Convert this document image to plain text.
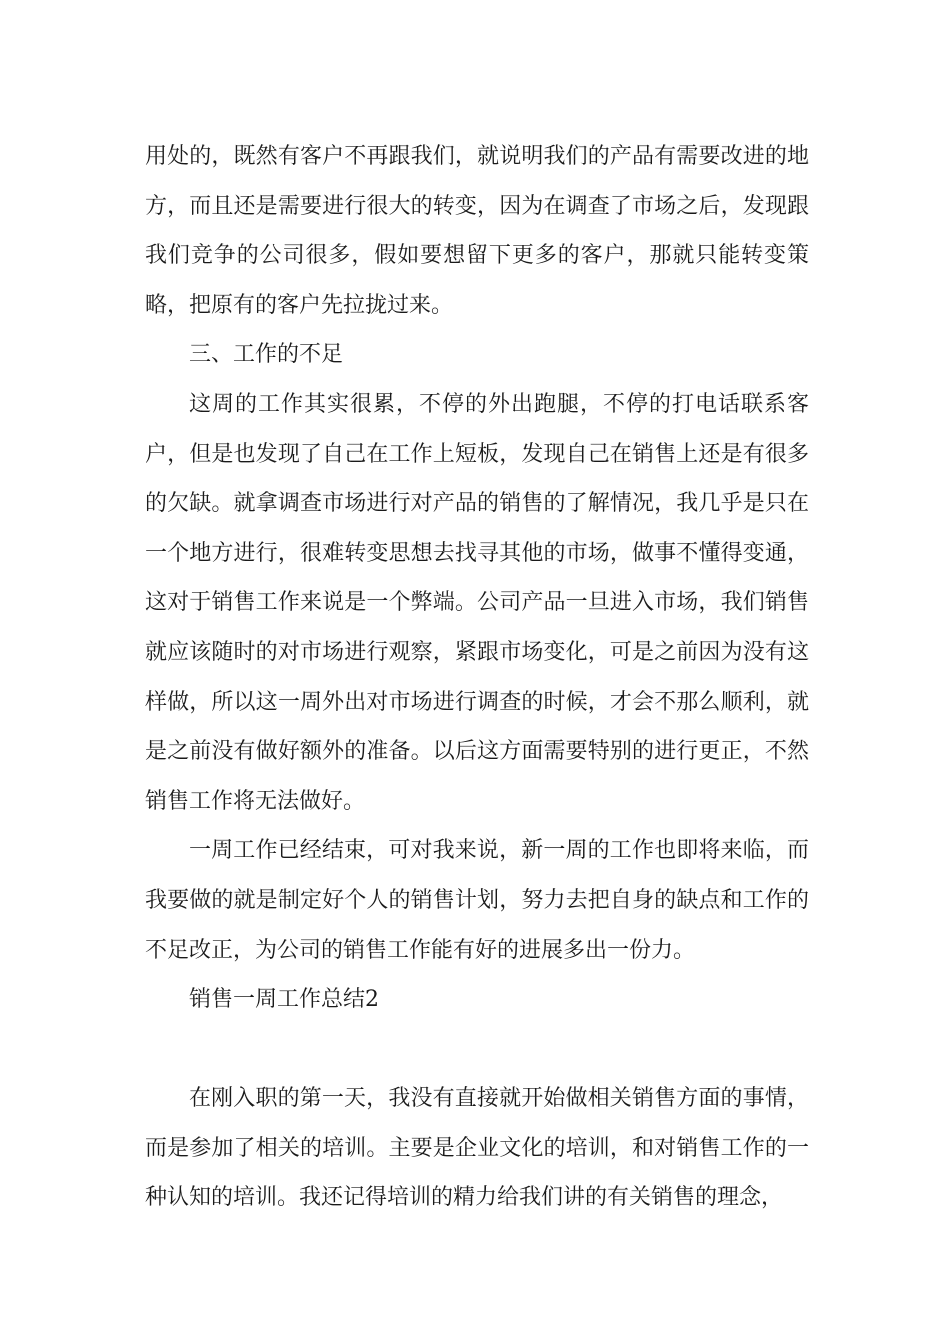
用处的，既然有客户不再跟我们，就说明我们的产品有需要改进的地方，而且还是需要进行很大的转变，因为在调查了市场之后，发现跟我们竞争的公司很多，假如要想留下更多的客户，那就只能转变策略，把原有的客户先拉拢过来。

三、工作的不足

这周的工作其实很累，不停的外出跑腿，不停的打电话联系客户，但是也发现了自己在工作上短板，发现自己在销售上还是有很多的欠缺。就拿调查市场进行对产品的销售的了解情况，我几乎是只在一个地方进行，很难转变思想去找寻其他的市场，做事不懂得变通，这对于销售工作来说是一个弊端。公司产品一旦进入市场，我们销售就应该随时的对市场进行观察，紧跟市场变化，可是之前因为没有这样做，所以这一周外出对市场进行调查的时候，才会不那么顺利，就是之前没有做好额外的准备。以后这方面需要特别的进行更正，不然销售工作将无法做好。

一周工作已经结束，可对我来说，新一周的工作也即将来临，而我要做的就是制定好个人的销售计划，努力去把自身的缺点和工作的不足改正，为公司的销售工作能有好的进展多出一份力。

销售一周工作总结2

在刚入职的第一天，我没有直接就开始做相关销售方面的事情，而是参加了相关的培训。主要是企业文化的培训，和对销售工作的一种认知的培训。我还记得培训的精力给我们讲的有关销售的理念，
